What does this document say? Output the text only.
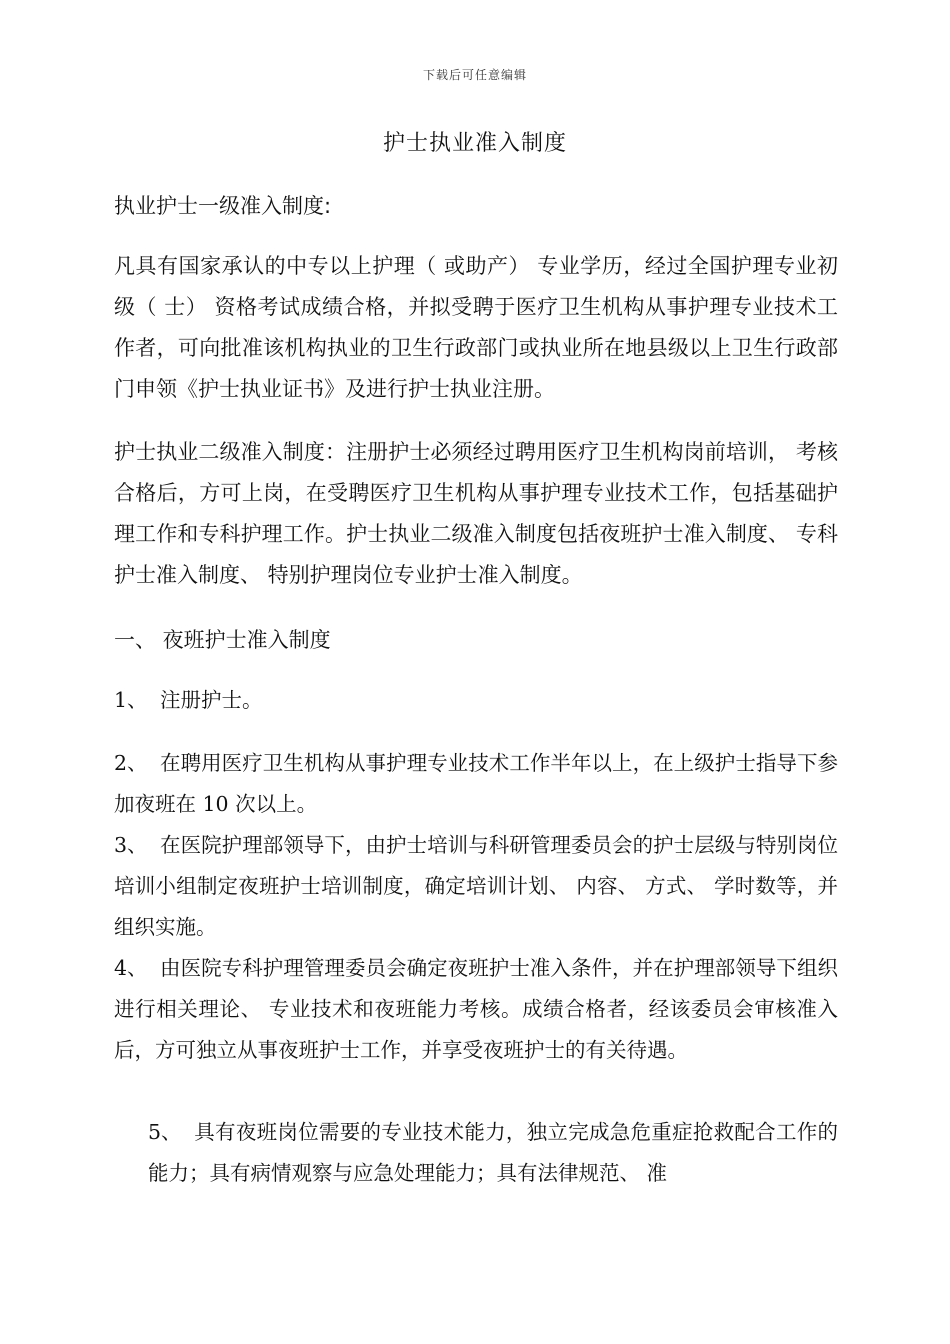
下载后可任意编辑
护士执业准入制度
执业护士一级准入制度:
凡具有国家承认的中专以上护理（ 或助产） 专业学历，经过全国护理专业初级（ 士） 资格考试成绩合格，并拟受聘于医疗卫生机构从事护理专业技术工作者，可向批准该机构执业的卫生行政部门或执业所在地县级以上卫生行政部门申领《护士执业证书》及进行护士执业注册。
护士执业二级准入制度：注册护士必须经过聘用医疗卫生机构岗前培训， 考核合格后，方可上岗，在受聘医疗卫生机构从事护理专业技术工作，包括基础护理工作和专科护理工作。护士执业二级准入制度包括夜班护士准入制度、 专科护士准入制度、 特别护理岗位专业护士准入制度。
一、 夜班护士准入制度
1、 注册护士。
2、 在聘用医疗卫生机构从事护理专业技术工作半年以上，在上级护士指导下参加夜班在 10 次以上。
3、 在医院护理部领导下，由护士培训与科研管理委员会的护士层级与特别岗位培训小组制定夜班护士培训制度，确定培训计划、 内容、 方式、 学时数等，并组织实施。
4、 由医院专科护理管理委员会确定夜班护士准入条件，并在护理部领导下组织进行相关理论、 专业技术和夜班能力考核。成绩合格者，经该委员会审核准入后，方可独立从事夜班护士工作，并享受夜班护士的有关待遇。
5、 具有夜班岗位需要的专业技术能力，独立完成急危重症抢救配合工作的能力；具有病情观察与应急处理能力；具有法律规范、 准
